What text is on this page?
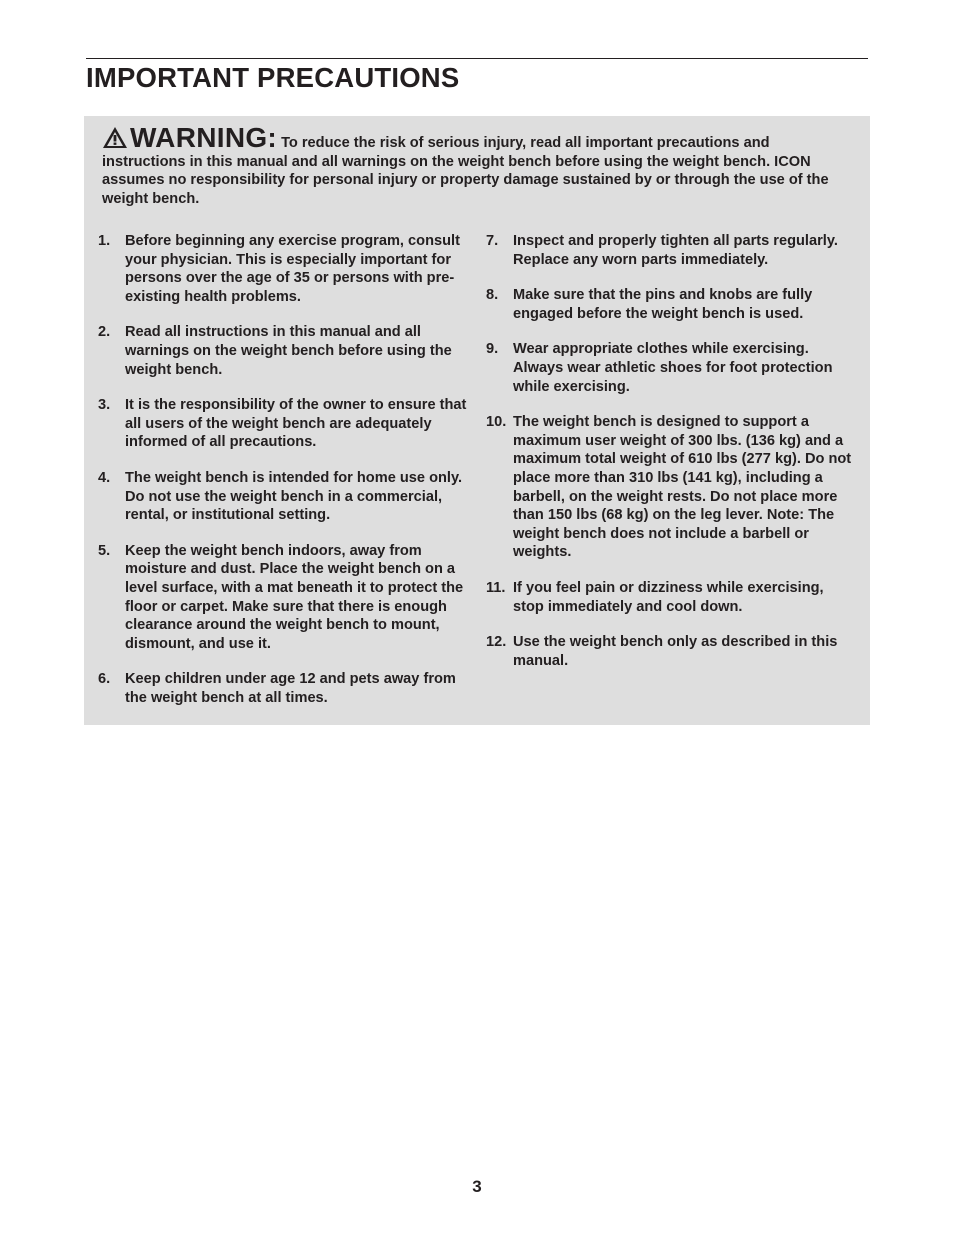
IMPORTANT PRECAUTIONS
WARNING: To reduce the risk of serious injury, read all important precautions and instructions in this manual and all warnings on the weight bench before using the weight bench. ICON assumes no responsibility for personal injury or property damage sustained by or through the use of the weight bench.
1. Before beginning any exercise program, consult your physician. This is especially important for persons over the age of 35 or persons with pre-existing health problems.
2. Read all instructions in this manual and all warnings on the weight bench before using the weight bench.
3. It is the responsibility of the owner to ensure that all users of the weight bench are adequately informed of all precautions.
4. The weight bench is intended for home use only. Do not use the weight bench in a commercial, rental, or institutional setting.
5. Keep the weight bench indoors, away from moisture and dust. Place the weight bench on a level surface, with a mat beneath it to protect the floor or carpet. Make sure that there is enough clearance around the weight bench to mount, dismount, and use it.
6. Keep children under age 12 and pets away from the weight bench at all times.
7. Inspect and properly tighten all parts regularly. Replace any worn parts immediately.
8. Make sure that the pins and knobs are fully engaged before the weight bench is used.
9. Wear appropriate clothes while exercising. Always wear athletic shoes for foot protection while exercising.
10. The weight bench is designed to support a maximum user weight of 300 lbs. (136 kg) and a maximum total weight of 610 lbs (277 kg). Do not place more than 310 lbs (141 kg), including a barbell, on the weight rests. Do not place more than 150 lbs (68 kg) on the leg lever. Note: The weight bench does not include a barbell or weights.
11. If you feel pain or dizziness while exercising, stop immediately and cool down.
12. Use the weight bench only as described in this manual.
3
